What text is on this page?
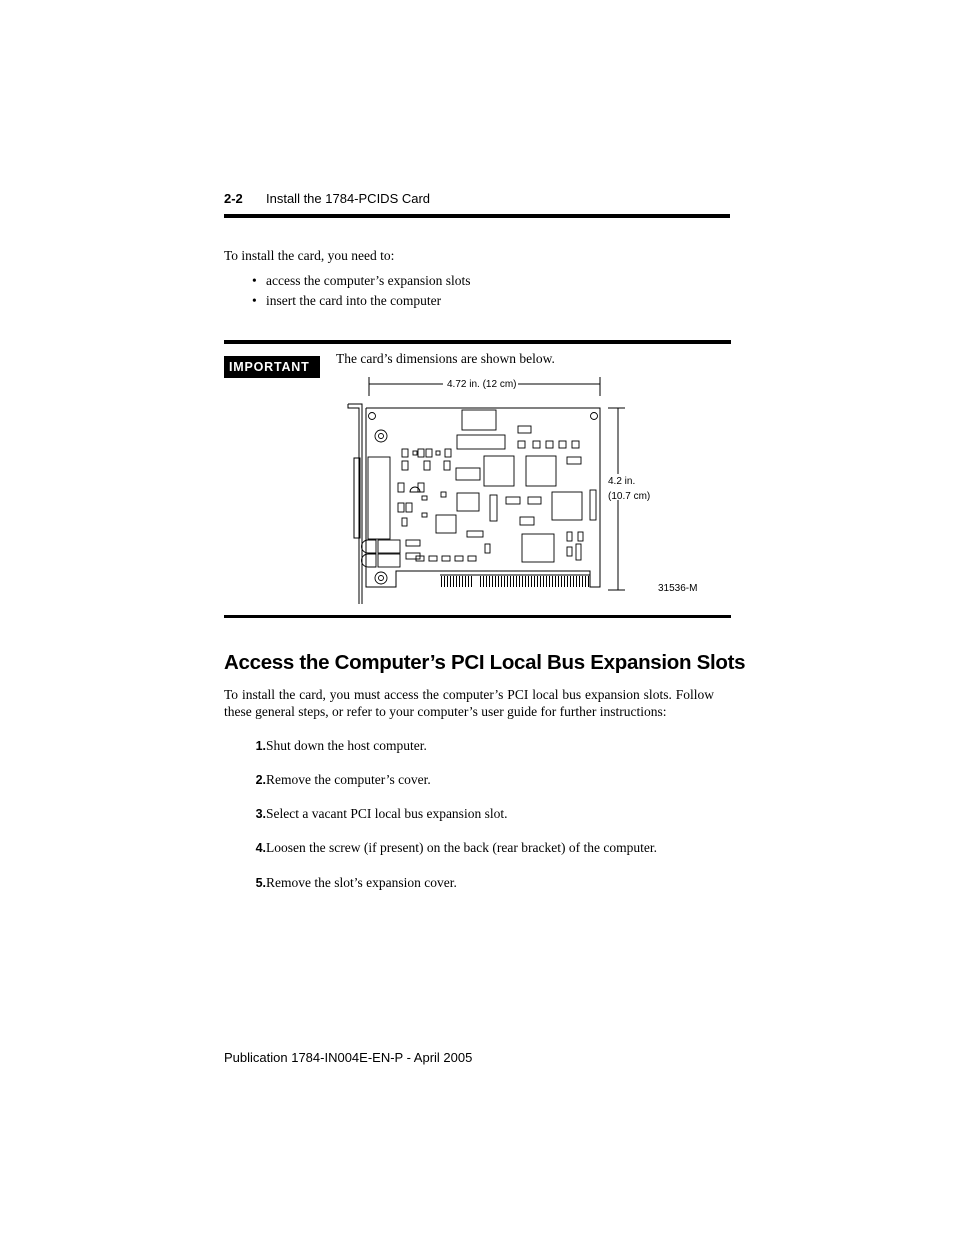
2-2 Install the 1784-PCIDS Card
To install the card, you need to:
• access the computer’s expansion slots
• insert the card into the computer
IMPORTANT
The card’s dimensions are shown below.
4.72 in. (12 cm)
4.2 in.
(10.7 cm)
31536-M
Access the Computer’s PCI Local Bus Expansion Slots
To install the card, you must access the computer’s PCI local bus expansion slots. Follow these general steps, or refer to your computer’s user guide for further instructions:
1. Shut down the host computer.
2. Remove the computer’s cover.
3. Select a vacant PCI local bus expansion slot.
4. Loosen the screw (if present) on the back (rear bracket) of the computer.
5. Remove the slot’s expansion cover.
Publication 1784-IN004E-EN-P - April 2005
